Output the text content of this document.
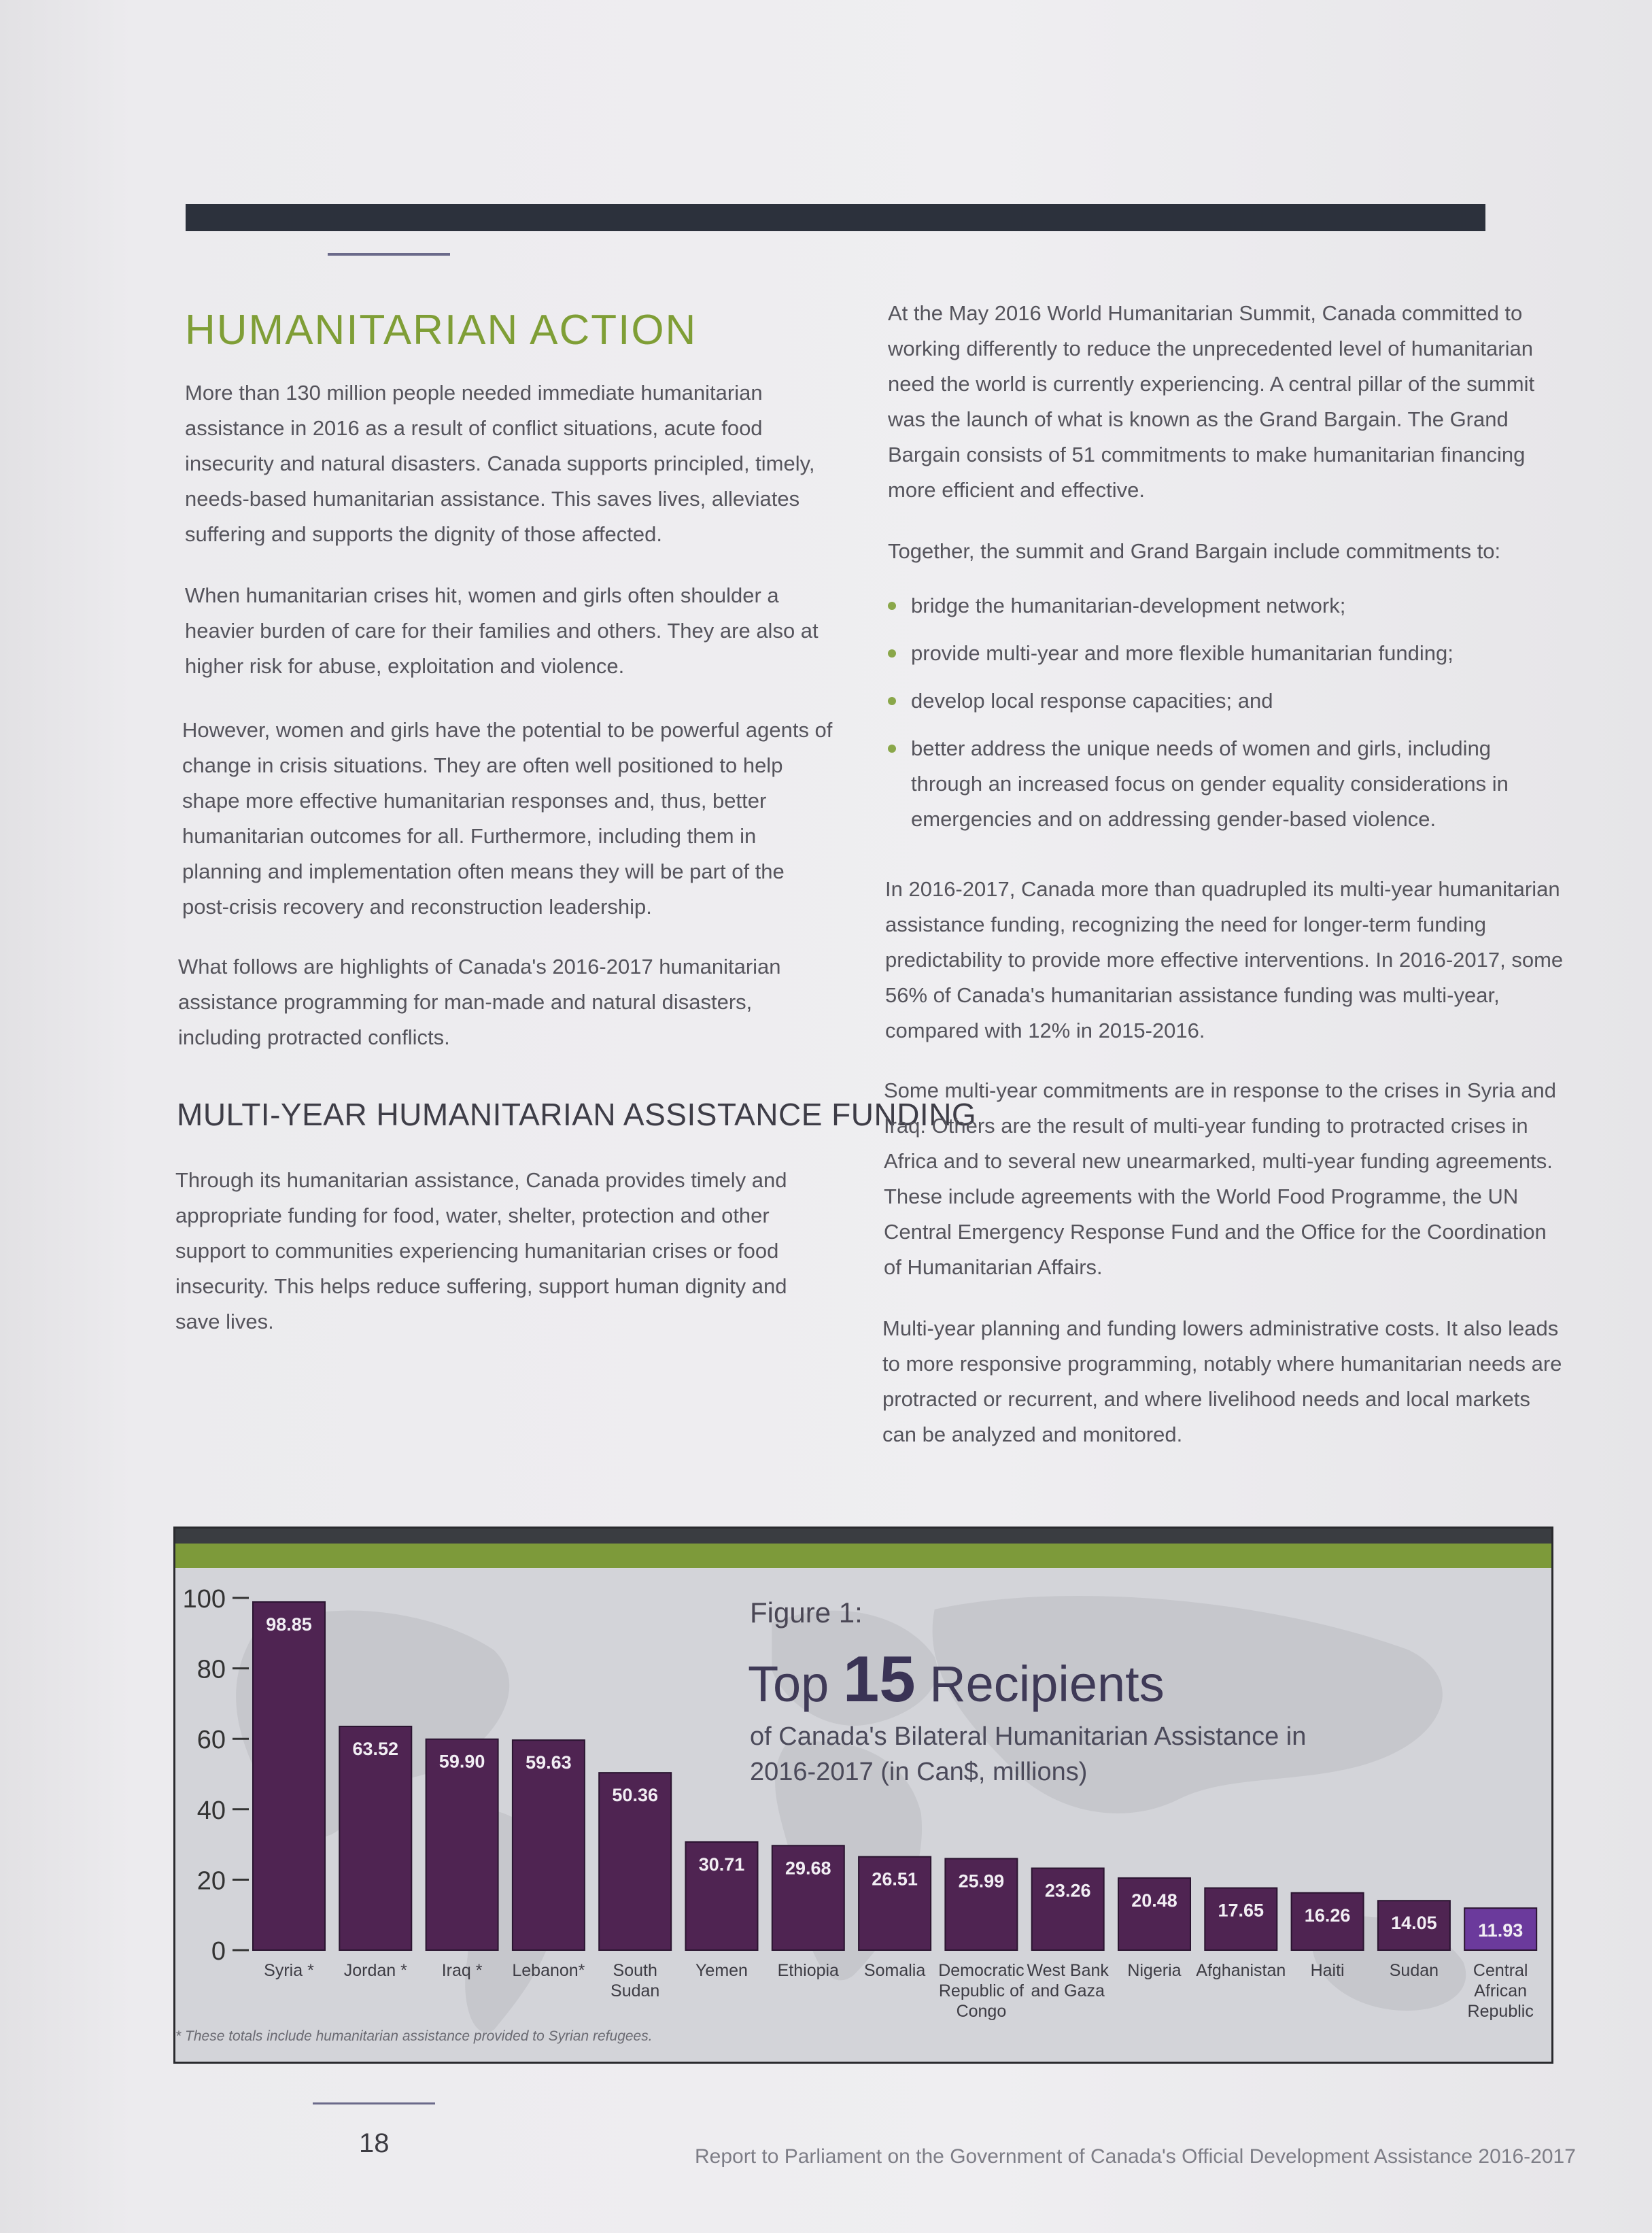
HUMANITARIAN ACTION

More than 130 million people needed immediate humanitarian assistance in 2016 as a result of conflict situations, acute food insecurity and natural disasters. Canada supports principled, timely, needs-based humanitarian assistance. This saves lives, alleviates suffering and supports the dignity of those affected.

When humanitarian crises hit, women and girls often shoulder a heavier burden of care for their families and others. They are also at higher risk for abuse, exploitation and violence.

However, women and girls have the potential to be powerful agents of change in crisis situations. They are often well positioned to help shape more effective humanitarian responses and, thus, better humanitarian outcomes for all. Furthermore, including them in planning and implementation often means they will be part of the post-crisis recovery and reconstruction leadership.

What follows are highlights of Canada's 2016-2017 humanitarian assistance programming for man-made and natural disasters, including protracted conflicts.

MULTI-YEAR HUMANITARIAN ASSISTANCE FUNDING

Through its humanitarian assistance, Canada provides timely and appropriate funding for food, water, shelter, protection and other support to communities experiencing humanitarian crises or food insecurity. This helps reduce suffering, support human dignity and save lives.

At the May 2016 World Humanitarian Summit, Canada committed to working differently to reduce the unprecedented level of humanitarian need the world is currently experiencing. A central pillar of the summit was the launch of what is known as the Grand Bargain. The Grand Bargain consists of 51 commitments to make humanitarian financing more efficient and effective.

Together, the summit and Grand Bargain include commitments to:

bridge the humanitarian-development network;
provide multi-year and more flexible humanitarian funding;
develop local response capacities; and
better address the unique needs of women and girls, including through an increased focus on gender equality considerations in emergencies and on addressing gender-based violence.

In 2016-2017, Canada more than quadrupled its multi-year humanitarian assistance funding, recognizing the need for longer-term funding predictability to provide more effective interventions. In 2016-2017, some 56% of Canada's humanitarian assistance funding was multi-year, compared with 12% in 2015-2016.

Some multi-year commitments are in response to the crises in Syria and Iraq. Others are the result of multi-year funding to protracted crises in Africa and to several new unearmarked, multi-year funding agreements. These include agreements with the World Food Programme, the UN Central Emergency Response Fund and the Office for the Coordination of Humanitarian Affairs.

Multi-year planning and funding lowers administrative costs. It also leads to more responsive programming, notably where humanitarian needs are protracted or recurrent, and where livelihood needs and local markets can be analyzed and monitored.

0
20
40
60
80
100
98.85
Syria *
63.52
Jordan *
59.90
Iraq *
59.63
Lebanon*
50.36
South
Sudan
30.71
Yemen
29.68
Ethiopia
26.51
Somalia
25.99
Democratic
Republic of
Congo
23.26
West Bank
and Gaza
20.48
Nigeria
17.65
Afghanistan
16.26
Haiti
14.05
Sudan
11.93
Central
African
Republic
Figure 1:
Top 15 Recipients
of Canada's Bilateral Humanitarian Assistance in 2016-2017 (in Can$, millions)
* These totals include humanitarian assistance provided to Syrian refugees.
18	Report to Parliament on the Government of Canada's Official Development Assistance 2016-2017
